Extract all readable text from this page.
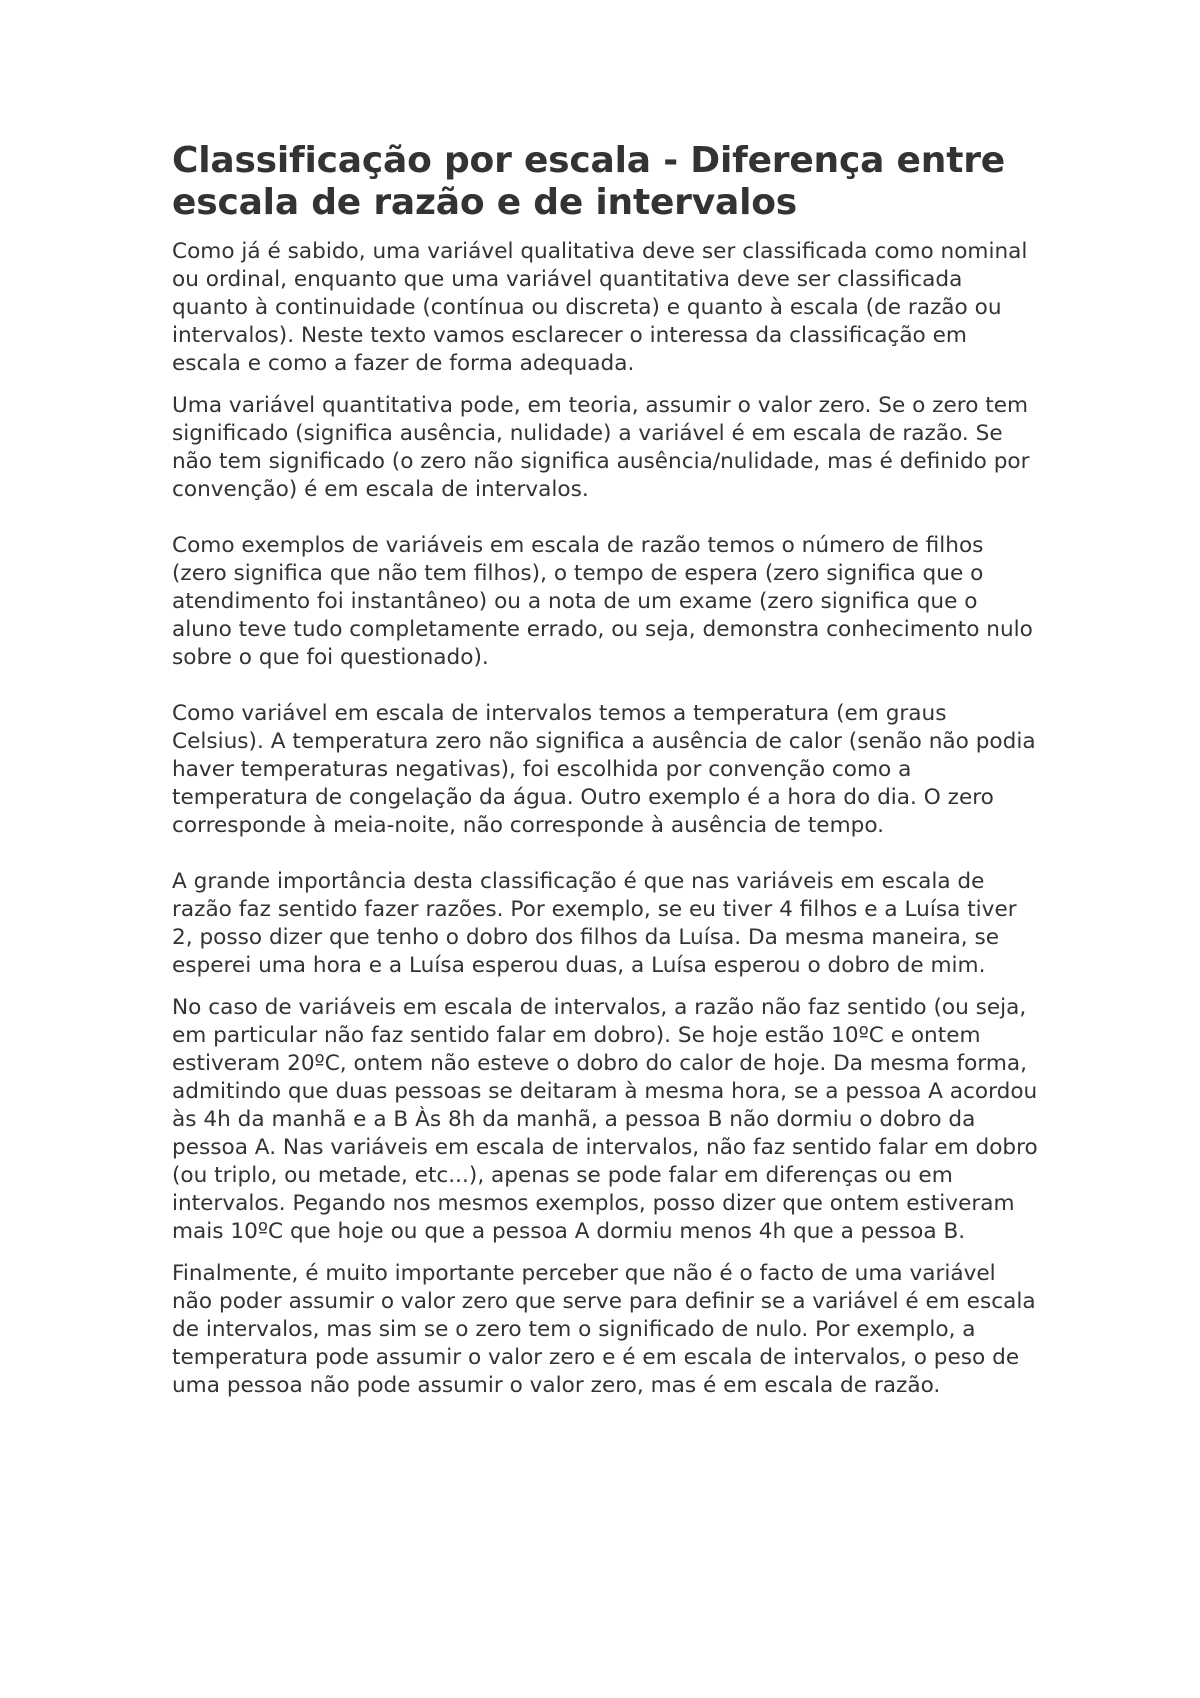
Classificação por escala - Diferença entre escala de razão e de intervalos

Como já é sabido, uma variável qualitativa deve ser classificada como nominal ou ordinal, enquanto que uma variável quantitativa deve ser classificada quanto à continuidade (contínua ou discreta) e quanto à escala (de razão ou intervalos). Neste texto vamos esclarecer o interessa da classificação em escala e como a fazer de forma adequada.

Uma variável quantitativa pode, em teoria, assumir o valor zero. Se o zero tem significado (significa ausência, nulidade) a variável é em escala de razão. Se não tem significado (o zero não significa ausência/nulidade, mas é definido por convenção) é em escala de intervalos.

Como exemplos de variáveis em escala de razão temos o número de filhos (zero significa que não tem filhos), o tempo de espera (zero significa que o atendimento foi instantâneo) ou a nota de um exame (zero significa que o aluno teve tudo completamente errado, ou seja, demonstra conhecimento nulo sobre o que foi questionado).

Como variável em escala de intervalos temos a temperatura (em graus Celsius). A temperatura zero não significa a ausência de calor (senão não podia haver temperaturas negativas), foi escolhida por convenção como a temperatura de congelação da água. Outro exemplo é a hora do dia. O zero corresponde à meia-noite, não corresponde à ausência de tempo.

A grande importância desta classificação é que nas variáveis em escala de razão faz sentido fazer razões. Por exemplo, se eu tiver 4 filhos e a Luísa tiver 2, posso dizer que tenho o dobro dos filhos da Luísa. Da mesma maneira, se esperei uma hora e a Luísa esperou duas, a Luísa esperou o dobro de mim.

No caso de variáveis em escala de intervalos, a razão não faz sentido (ou seja, em particular não faz sentido falar em dobro). Se hoje estão 10ºC e ontem estiveram 20ºC, ontem não esteve o dobro do calor de hoje. Da mesma forma, admitindo que duas pessoas se deitaram à mesma hora, se a pessoa A acordou às 4h da manhã e a B Às 8h da manhã, a pessoa B não dormiu o dobro da pessoa A. Nas variáveis em escala de intervalos, não faz sentido falar em dobro (ou triplo, ou metade, etc...), apenas se pode falar em diferenças ou em intervalos. Pegando nos mesmos exemplos, posso dizer que ontem estiveram mais 10ºC que hoje ou que a pessoa A dormiu menos 4h que a pessoa B.

Finalmente, é muito importante perceber que não é o facto de uma variável não poder assumir o valor zero que serve para definir se a variável é em escala de intervalos, mas sim se o zero tem o significado de nulo. Por exemplo, a temperatura pode assumir o valor zero e é em escala de intervalos, o peso de uma pessoa não pode assumir o valor zero, mas é em escala de razão.
